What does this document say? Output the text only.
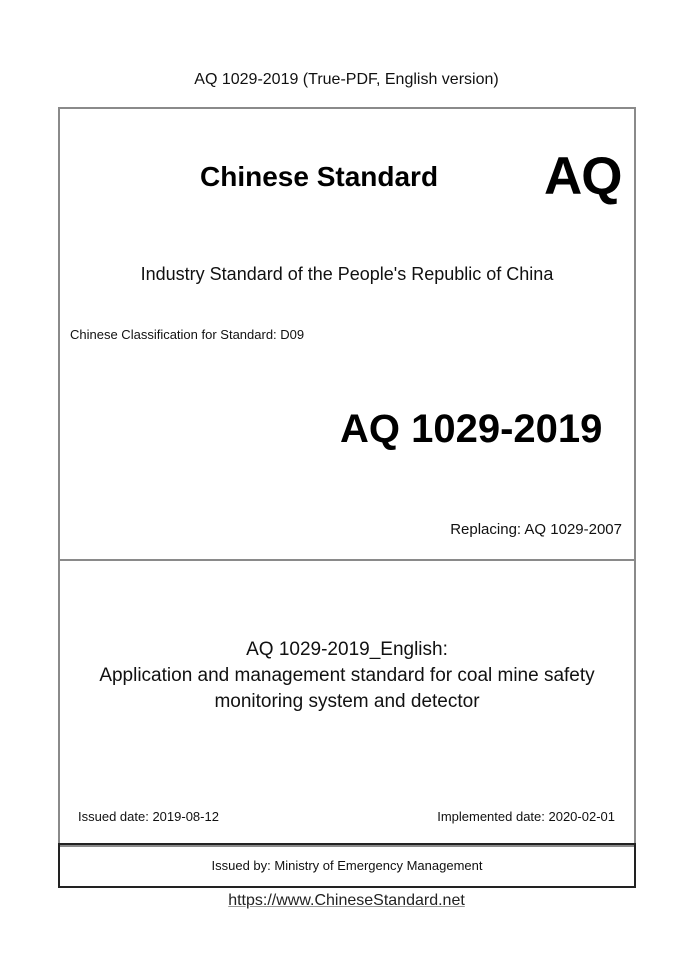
AQ 1029-2019 (True-PDF, English version)
Chinese Standard AQ
Industry Standard of the People's Republic of China
Chinese Classification for Standard: D09
AQ 1029-2019
Replacing: AQ 1029-2007
AQ 1029-2019_English:
Application and management standard for coal mine safety
monitoring system and detector
Issued date: 2019-08-12	Implemented date: 2020-02-01
Issued by: Ministry of Emergency Management
https://www.ChineseStandard.net
